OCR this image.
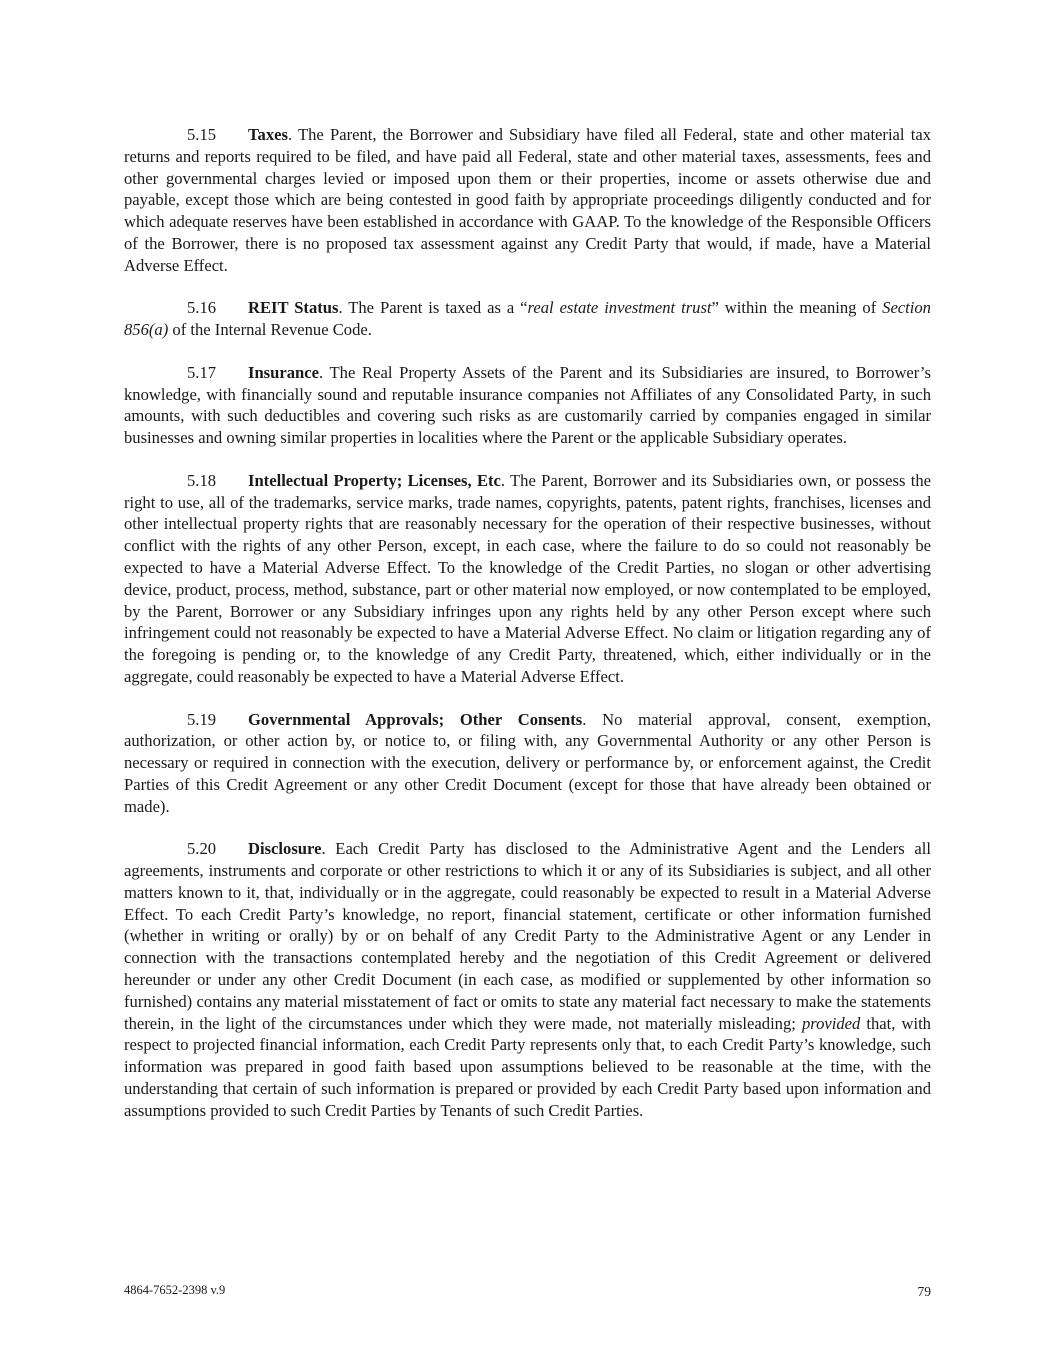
5.15 Taxes. The Parent, the Borrower and Subsidiary have filed all Federal, state and other material tax returns and reports required to be filed, and have paid all Federal, state and other material taxes, assessments, fees and other governmental charges levied or imposed upon them or their properties, income or assets otherwise due and payable, except those which are being contested in good faith by appropriate proceedings diligently conducted and for which adequate reserves have been established in accordance with GAAP. To the knowledge of the Responsible Officers of the Borrower, there is no proposed tax assessment against any Credit Party that would, if made, have a Material Adverse Effect.

5.16 REIT Status. The Parent is taxed as a “real estate investment trust” within the meaning of Section 856(a) of the Internal Revenue Code.

5.17 Insurance. The Real Property Assets of the Parent and its Subsidiaries are insured, to Borrower’s knowledge, with financially sound and reputable insurance companies not Affiliates of any Consolidated Party, in such amounts, with such deductibles and covering such risks as are customarily carried by companies engaged in similar businesses and owning similar properties in localities where the Parent or the applicable Subsidiary operates.

5.18 Intellectual Property; Licenses, Etc. The Parent, Borrower and its Subsidiaries own, or possess the right to use, all of the trademarks, service marks, trade names, copyrights, patents, patent rights, franchises, licenses and other intellectual property rights that are reasonably necessary for the operation of their respective businesses, without conflict with the rights of any other Person, except, in each case, where the failure to do so could not reasonably be expected to have a Material Adverse Effect. To the knowledge of the Credit Parties, no slogan or other advertising device, product, process, method, substance, part or other material now employed, or now contemplated to be employed, by the Parent, Borrower or any Subsidiary infringes upon any rights held by any other Person except where such infringement could not reasonably be expected to have a Material Adverse Effect. No claim or litigation regarding any of the foregoing is pending or, to the knowledge of any Credit Party, threatened, which, either individually or in the aggregate, could reasonably be expected to have a Material Adverse Effect.

5.19 Governmental Approvals; Other Consents. No material approval, consent, exemption, authorization, or other action by, or notice to, or filing with, any Governmental Authority or any other Person is necessary or required in connection with the execution, delivery or performance by, or enforcement against, the Credit Parties of this Credit Agreement or any other Credit Document (except for those that have already been obtained or made).

5.20 Disclosure. Each Credit Party has disclosed to the Administrative Agent and the Lenders all agreements, instruments and corporate or other restrictions to which it or any of its Subsidiaries is subject, and all other matters known to it, that, individually or in the aggregate, could reasonably be expected to result in a Material Adverse Effect. To each Credit Party’s knowledge, no report, financial statement, certificate or other information furnished (whether in writing or orally) by or on behalf of any Credit Party to the Administrative Agent or any Lender in connection with the transactions contemplated hereby and the negotiation of this Credit Agreement or delivered hereunder or under any other Credit Document (in each case, as modified or supplemented by other information so furnished) contains any material misstatement of fact or omits to state any material fact necessary to make the statements therein, in the light of the circumstances under which they were made, not materially misleading; provided that, with respect to projected financial information, each Credit Party represents only that, to each Credit Party’s knowledge, such information was prepared in good faith based upon assumptions believed to be reasonable at the time, with the understanding that certain of such information is prepared or provided by each Credit Party based upon information and assumptions provided to such Credit Parties by Tenants of such Credit Parties.

4864-7652-2398 v.9	79
